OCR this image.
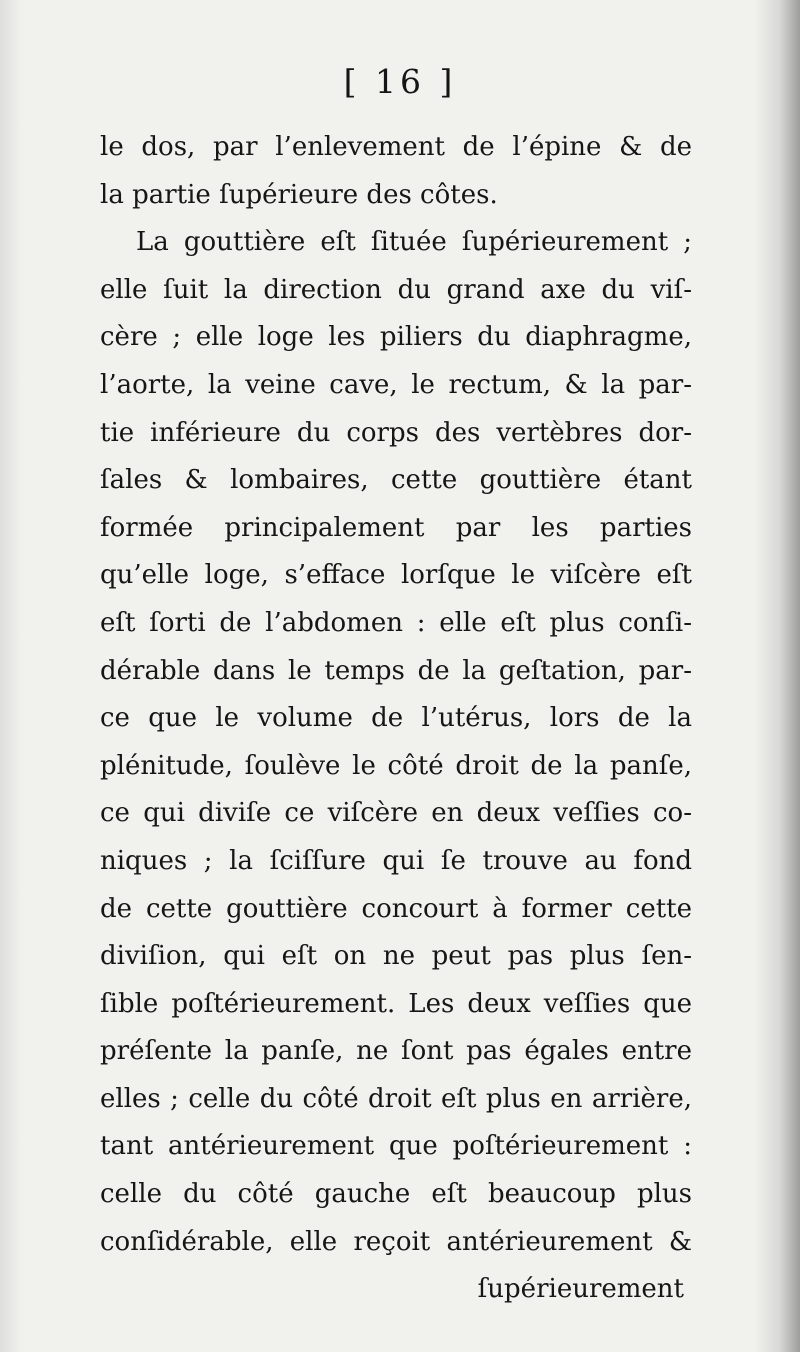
[ 16 ]
le dos, par l’enlevement de l’épine & de
la partie ſupérieure des côtes.
La gouttière eſt ſituée ſupérieurement ;
elle ſuit la direction du grand axe du viſ-
cère ; elle loge les piliers du diaphragme,
l’aorte, la veine cave, le rectum, & la par-
tie inférieure du corps des vertèbres dor-
ſales & lombaires, cette gouttière étant
formée principalement par les parties
qu’elle loge, s’efface lorſque le viſcère eſt
eſt ſorti de l’abdomen : elle eſt plus conſi-
dérable dans le temps de la geſtation, par-
ce que le volume de l’utérus, lors de la
plénitude, ſoulève le côté droit de la panſe,
ce qui diviſe ce viſcère en deux veſſies co-
niques ; la ſciſſure qui ſe trouve au fond
de cette gouttière concourt à former cette
diviſion, qui eſt on ne peut pas plus ſen-
ſible poſtérieurement. Les deux veſſies que
préſente la panſe, ne ſont pas égales entre
elles ; celle du côté droit eſt plus en arrière,
tant antérieurement que poſtérieurement :
celle du côté gauche eſt beaucoup plus
conſidérable, elle reçoit antérieurement &
ſupérieurement
